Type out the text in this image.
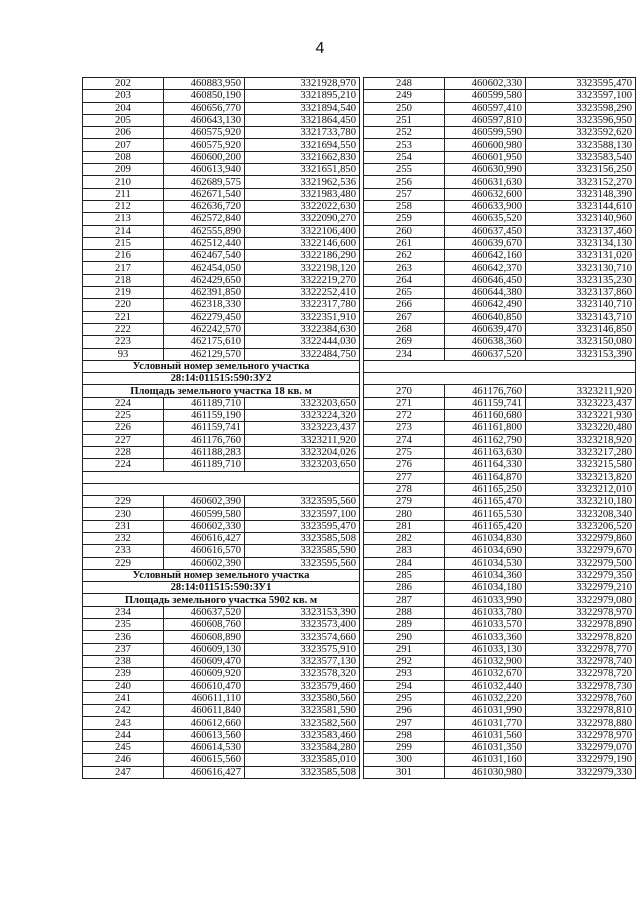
4
202	460883,950	3321928,970
203	460850,190	3321895,210
204	460656,770	3321894,540
205	460643,130	3321864,450
206	460575,920	3321733,780
207	460575,920	3321694,550
208	460600,200	3321662,830
209	460613,940	3321651,850
210	462689,575	3321962,536
211	462671,540	3321983,480
212	462636,720	3322022,630
213	462572,840	3322090,270
214	462555,890	3322106,400
215	462512,440	3322146,600
216	462467,540	3322186,290
217	462454,050	3322198,120
218	462429,650	3322219,270
219	462391,850	3322252,410
220	462318,330	3322317,780
221	462279,450	3322351,910
222	462242,570	3322384,630
223	462175,610	3322444,030
93	462129,570	3322484,750
Условный номер земельного участка		
28:14:011515:590:ЗУ2		
Площадь земельного участка 18 кв. м		
224	461189,710	3323203,650
225	461159,190	3323224,320
226	461159,741	3323223,437
227	461176,760	3323211,920
228	461188,283	3323204,026
224	461189,710	3323203,650

229	460602,390	3323595,560
230	460599,580	3323597,100
231	460602,330	3323595,470
232	460616,427	3323585,508
233	460616,570	3323585,590
229	460602,390	3323595,560
Условный номер земельного участка		
28:14:011515:590:ЗУ1		
Площадь земельного участка 5902 кв. м		
234	460637,520	3323153,390
235	460608,760	3323573,400
236	460608,890	3323574,660
237	460609,130	3323575,910
238	460609,470	3323577,130
239	460609,920	3323578,320
240	460610,470	3323579,460
241	460611,110	3323580,560
242	460611,840	3323581,590
243	460612,660	3323582,560
244	460613,560	3323583,460
245	460614,530	3323584,280
246	460615,560	3323585,010
247	460616,427	3323585,508
248	460602,330	3323595,470
249	460599,580	3323597,100
250	460597,410	3323598,290
251	460597,810	3323596,950
252	460599,590	3323592,620
253	460600,980	3323588,130
254	460601,950	3323583,540
255	460630,990	3323156,250
256	460631,630	3323152,270
257	460632,600	3323148,390
258	460633,900	3323144,610
259	460635,520	3323140,960
260	460637,450	3323137,460
261	460639,670	3323134,130
262	460642,160	3323131,020
263	460642,370	3323130,710
264	460646,450	3323135,230
265	460644,380	3323137,860
266	460642,490	3323140,710
267	460640,850	3323143,710
268	460639,470	3323146,850
269	460638,360	3323150,080
234	460637,520	3323153,390

270	461176,760	3323211,920
271	461159,741	3323223,437
272	461160,680	3323221,930
273	461161,800	3323220,480
274	461162,790	3323218,920
275	461163,630	3323217,280
276	461164,330	3323215,580
277	461164,870	3323213,820
278	461165,250	3323212,010
279	461165,470	3323210,180
280	461165,530	3323208,340
281	461165,420	3323206,520
282	461034,830	3322979,860
283	461034,690	3322979,670
284	461034,530	3322979,500
285	461034,360	3322979,350
286	461034,180	3322979,210
287	461033,990	3322979,080
288	461033,780	3322978,970
289	461033,570	3322978,890
290	461033,360	3322978,820
291	461033,130	3322978,770
292	461032,900	3322978,740
293	461032,670	3322978,720
294	461032,440	3322978,730
295	461032,220	3322978,760
296	461031,990	3322978,810
297	461031,770	3322978,880
298	461031,560	3322978,970
299	461031,350	3322979,070
300	461031,160	3322979,190
301	461030,980	3322979,330
